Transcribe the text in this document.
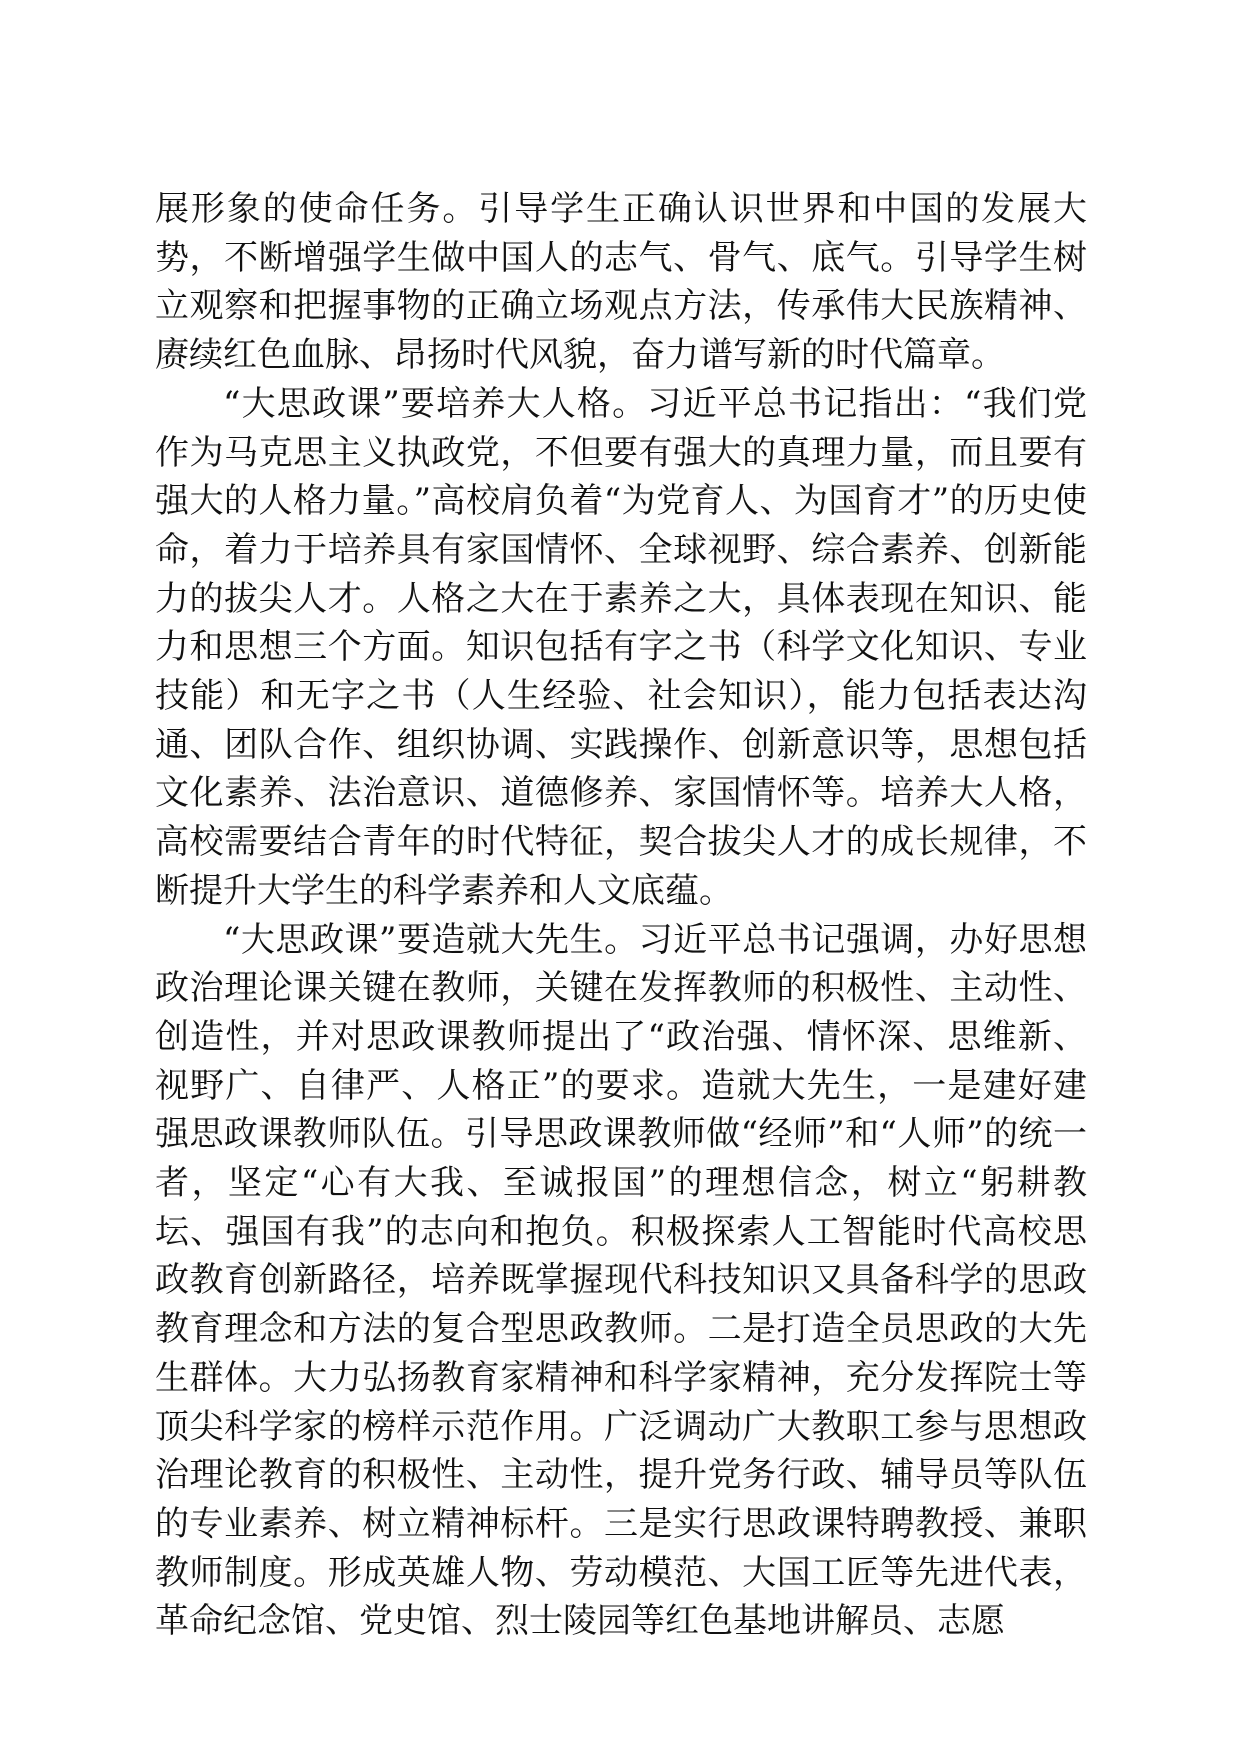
展形象的使命任务。引导学生正确认识世界和中国的发展大势，不断增强学生做中国人的志气、骨气、底气。引导学生树立观察和把握事物的正确立场观点方法，传承伟大民族精神、赓续红色血脉、昂扬时代风貌，奋力谱写新的时代篇章。

“大思政课”要培养大人格。习近平总书记指出：“我们党作为马克思主义执政党，不但要有强大的真理力量，而且要有强大的人格力量。”高校肩负着“为党育人、为国育才”的历史使命，着力于培养具有家国情怀、全球视野、综合素养、创新能力的拔尖人才。人格之大在于素养之大，具体表现在知识、能力和思想三个方面。知识包括有字之书（科学文化知识、专业技能）和无字之书（人生经验、社会知识），能力包括表达沟通、团队合作、组织协调、实践操作、创新意识等，思想包括文化素养、法治意识、道德修养、家国情怀等。培养大人格，高校需要结合青年的时代特征，契合拔尖人才的成长规律，不断提升大学生的科学素养和人文底蕴。

“大思政课”要造就大先生。习近平总书记强调，办好思想政治理论课关键在教师，关键在发挥教师的积极性、主动性、创造性，并对思政课教师提出了“政治强、情怀深、思维新、视野广、自律严、人格正”的要求。造就大先生，一是建好建强思政课教师队伍。引导思政课教师做“经师”和“人师”的统一者，坚定“心有大我、至诚报国”的理想信念，树立“躬耕教坛、强国有我”的志向和抱负。积极探索人工智能时代高校思政教育创新路径，培养既掌握现代科技知识又具备科学的思政教育理念和方法的复合型思政教师。二是打造全员思政的大先生群体。大力弘扬教育家精神和科学家精神，充分发挥院士等顶尖科学家的榜样示范作用。广泛调动广大教职工参与思想政治理论教育的积极性、主动性，提升党务行政、辅导员等队伍的专业素养、树立精神标杆。三是实行思政课特聘教授、兼职教师制度。形成英雄人物、劳动模范、大国工匠等先进代表，革命纪念馆、党史馆、烈士陵园等红色基地讲解员、志愿
